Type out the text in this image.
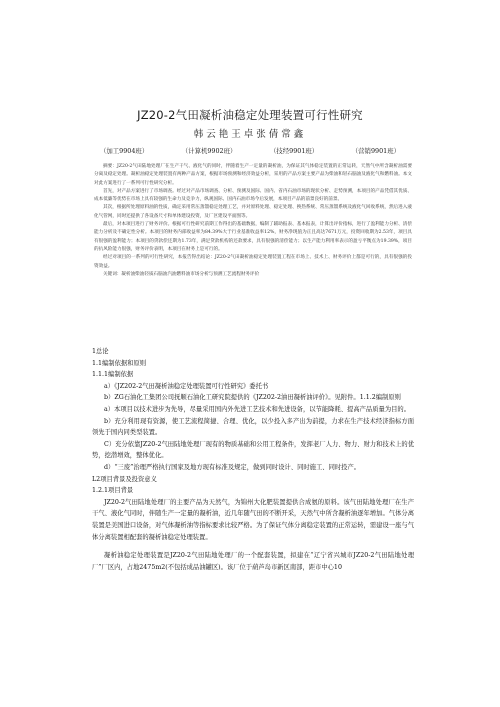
JZ20-2气田凝析油稳定处理装置可行性研究
韩云艳王卓张倩常鑫
（加工9904班）	（计算机9902班）	（技经9901班）	（营销9901班）

摘要：JZ20-2气田陆地处理厂在生产干气、液化气的同时，伴随着生产一定量的凝析油，为保证其气体稳定装置的正常运转，天然气中所含凝析油需要分离及稳定处理。凝析油稳定处理装置有两种产品方案，根据市场预测和经济效益分析，采用的产品方案主要产品为柴油和轻石脑油及液化气和燃料油。本文对此方案进行了一系列可行性研究分析。

首先，对产品方案进行了市场调查。经过对产品市场调查、分析、预测及国际、国内、省内石油市场的现状分析、走势预测，本项目的产品凭借其优质、成本低廉等优势在市场上具有较强的生命力及竞争力，纵观国际、国内石油市场今后发展，本项目产品的前景良好的前景。

其次，根据所处理原料油的性质，确定采用常压蒸馏稳定处理工艺，并对原料处理、稳定处理、换热系统、常压蒸馏系统及液化气回收系统，然后进入液化气管网，同时还提供了各设备尺寸和单体建设投资，及厂区建设平面图等。

最后，对本项目进行了财务评价。根据可行性研究前期工作得出的基础数据，编制了辅助报表、基本报表，计算出评价指标，进行了盈利能力分析、清偿能力分析及不确定性分析。本项目的财务内部收益率为84.39%大于行业基准收益率12%，财务净现值为正且高达7671万元，投资回收期为2.53年，项目具有很强的盈利能力；本项目的贷款偿还期为1.73年，满足贷款机构的还款要求，具有很强的清偿能力；以生产能力利用率表示的盈亏平衡点为19.39%，项目的抗风险能力很强，财务评价表明，本项目在财务上是可行的。

经过对项目的一系列的可行性研究，本报告得出结论：JZ20-2气田凝析油稳定处理装置工程在市场上、技术上、财务评价上都是可行的，具有很强的投资效益。

关键词：凝析油柴油轻质石脑油汽油燃料油市场分析与预测工艺流程财务评价

1总论

1.1编制依据和原则

1.1.1编制依据

a）《JZ202-2气田凝析油稳定处理装置可行性研究》委托书

b）ZG石油化工集团公司抚顺石油化工研究院提供的《JZ202-2油田凝析油评价》。见附件。1.1.2编制原则

a）本项目以技术进步为先导，尽量采用国内外先进工艺技术和先进设备，以节能降耗、提高产品质量为目的。

b）充分利用现有资源，使工艺流程简捷、合理、优化，以少投入多产出为前提，力求在生产技术经济指标方面领先于国内同类型装置。

C）充分依靠JZ20-2气田陆地处理厂现有的物质基础和公用工程条件，发挥老厂人力、物力、财力和技术上的优势，挖潜增效，整体优化。

d）“三废”治理严格执行国家及地方现有标准及规定，做到同时设计、同时施工、同时投产。

L2项目背景及投资意义

1.2.1项目背景

JZ20-2气田陆地处理厂的主要产品为天然气，为锦州大化肥装置提供合成氨的原料。该气田陆地处理厂在生产干气、液化气同时，伴随生产一定量的凝析油，近几年随气田的不断开采，天然气中所含凝析油逐年增加。气体分离装置是美国进口设备，对气体凝析油等指标要求比较严格。为了保证气体分离稳定装置的正常运转，需建设一座与气体分离装置相配套的凝析油稳定处理装置。

凝析油稳定处理装置是JZ20-2气田陆地处理厂的一个配套装置，拟建在“辽宁省兴城市JZ20-2气田陆地处理厂”厂区内，占地2475m2(不包括成品油罐区)。该厂位于葫芦岛市新区南部，距市中心10
